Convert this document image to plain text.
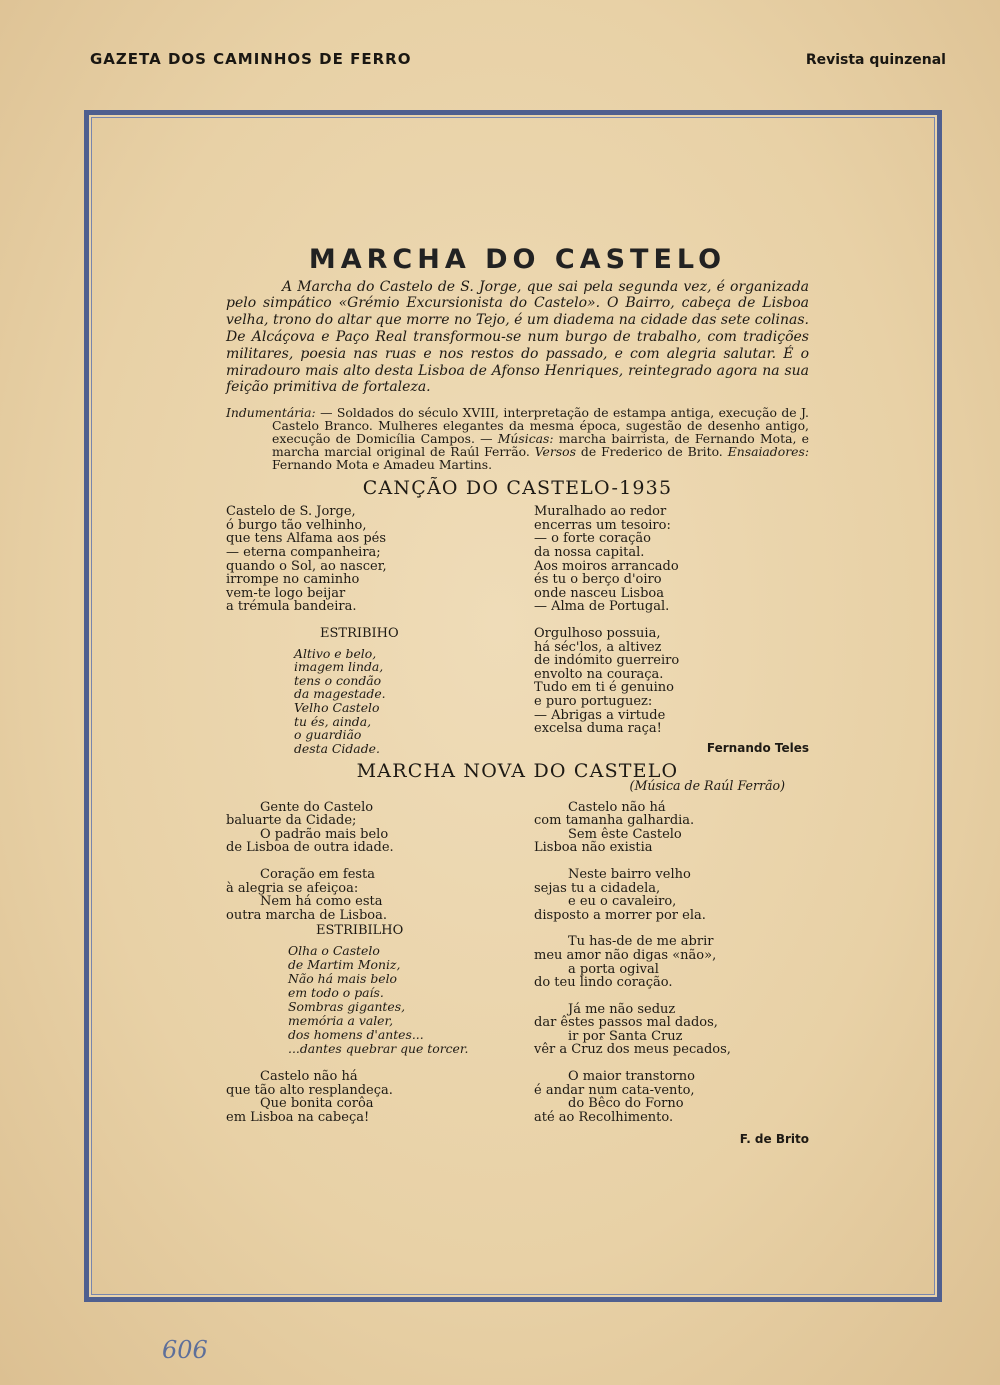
GAZETA DOS CAMINHOS DE FERRO	Revista quinzenal
MARCHA DO CASTELO

A Marcha do Castelo de S. Jorge, que sai pela segunda vez, é organizada pelo simpático «Grémio Excursionista do Castelo». O Bairro, cabeça de Lisboa velha, trono do altar que morre no Tejo, é um diadema na cidade das sete colinas. De Alcáçova e Paço Real transformou-se num burgo de trabalho, com tradições militares, poesia nas ruas e nos restos do passado, e com alegria salutar. É o miradouro mais alto desta Lisboa de Afonso Henriques, reintegrado agora na sua feição primitiva de fortaleza.

Indumentária: — Soldados do século XVIII, interpretação de estampa antiga, execução de J. Castelo Branco. Mulheres elegantes da mesma época, sugestão de desenho antigo, execução de Domicília Campos. — Músicas: marcha bairrista, de Fernando Mota, e marcha marcial original de Raúl Ferrão. Versos de Frederico de Brito. Ensaiadores: Fernando Mota e Amadeu Martins.

CANÇÃO DO CASTELO-1935
Castelo de S. Jorge,
ó burgo tão velhinho,
que tens Alfama aos pés
— eterna companheira;
quando o Sol, ao nascer,
irrompe no caminho
vem-te logo beijar
a trémula bandeira.
ESTRIBIHO
Altivo e belo,
imagem linda,
tens o condão
da magestade.
Velho Castelo
tu és, ainda,
o guardião
desta Cidade.
Muralhado ao redor
encerras um tesoiro:
— o forte coração
da nossa capital.
Aos moiros arrancado
és tu o berço d'oiro
onde nasceu Lisboa
— Alma de Portugal.
Orgulhoso possuia,
há séc'los, a altivez
de indómito guerreiro
envolto na couraça.
Tudo em ti é genuino
e puro portuguez:
— Abrigas a virtude
excelsa duma raça!
Fernando Teles
MARCHA NOVA DO CASTELO
(Música de Raúl Ferrão)
Gente do Castelo
baluarte da Cidade;
O padrão mais belo
de Lisboa de outra idade.
Coração em festa
à alegria se afeiçoa:
Nem há como esta
outra marcha de Lisboa.
ESTRIBILHO
Olha o Castelo
de Martim Moniz,
Não há mais belo
em todo o país.
Sombras gigantes,
memória a valer,
dos homens d'antes...
...dantes quebrar que torcer.
Castelo não há
que tão alto resplandeça.
Que bonita corôa
em Lisboa na cabeça!
Castelo não há
com tamanha galhardia.
Sem êste Castelo
Lisboa não existia
Neste bairro velho
sejas tu a cidadela,
e eu o cavaleiro,
disposto a morrer por ela.
Tu has-de de me abrir
meu amor não digas «não»,
a porta ogival
do teu lindo coração.
Já me não seduz
dar êstes passos mal dados,
ir por Santa Cruz
vêr a Cruz dos meus pecados,
O maior transtorno
é andar num cata-vento,
do Bêco do Forno
até ao Recolhimento.
F. de Brito
606
